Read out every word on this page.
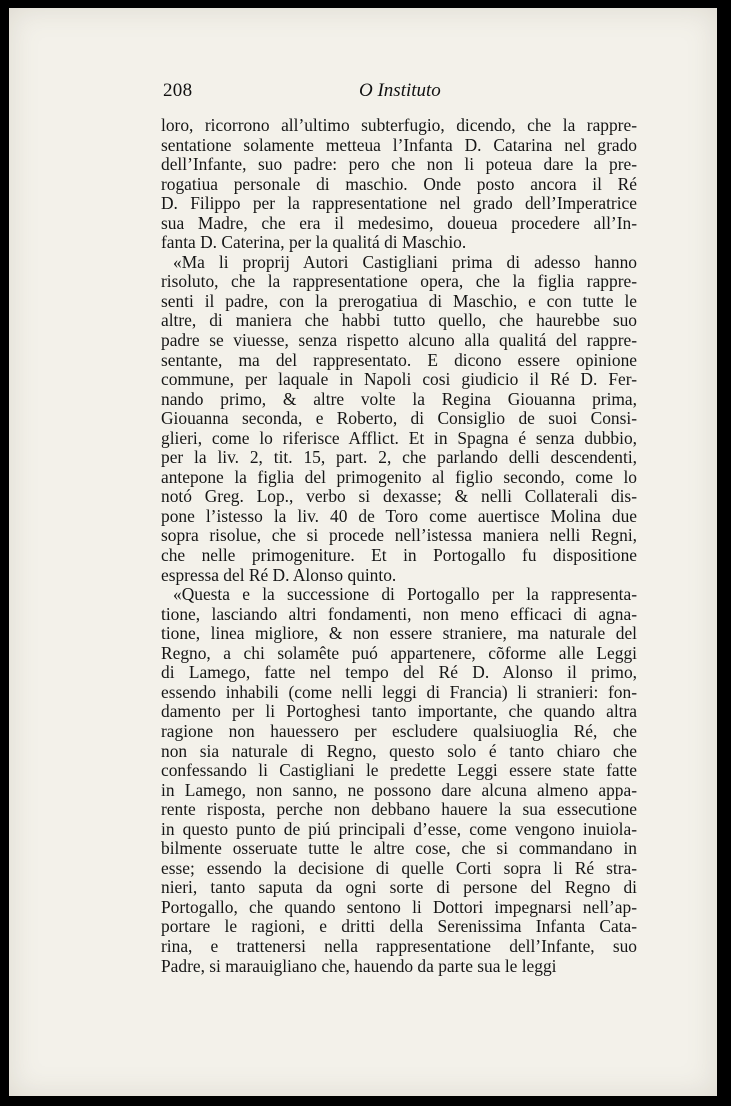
208	O Instituto
loro, ricorrono all’ultimo subterfugio, dicendo, che la rappre-
sentatione solamente metteua l’Infanta D. Catarina nel grado
dell’Infante, suo padre: pero che non li poteua dare la pre-
rogatiua personale di maschio. Onde posto ancora il Ré
D. Filippo per la rappresentatione nel grado dell’Imperatrice
sua Madre, che era il medesimo, doueua procedere all’In-
fanta D. Caterina, per la qualitá di Maschio.
«Ma li proprij Autori Castigliani prima di adesso hanno
risoluto, che la rappresentatione opera, che la figlia rappre-
senti il padre, con la prerogatiua di Maschio, e con tutte le
altre, di maniera che habbi tutto quello, che haurebbe suo
padre se viuesse, senza rispetto alcuno alla qualitá del rappre-
sentante, ma del rappresentato. E dicono essere opinione
commune, per laquale in Napoli cosi giudicio il Ré D. Fer-
nando primo, & altre volte la Regina Giouanna prima,
Giouanna seconda, e Roberto, di Consiglio de suoi Consi-
glieri, come lo riferisce Afflict. Et in Spagna é senza dubbio,
per la liv. 2, tit. 15, part. 2, che parlando delli descendenti,
antepone la figlia del primogenito al figlio secondo, come lo
notó Greg. Lop., verbo si dexasse; & nelli Collaterali dis-
pone l’istesso la liv. 40 de Toro come auertisce Molina due
sopra risolue, che si procede nell’istessa maniera nelli Regni,
che nelle primogeniture. Et in Portogallo fu dispositione
espressa del Ré D. Alonso quinto.
«Questa e la successione di Portogallo per la rappresenta-
tione, lasciando altri fondamenti, non meno efficaci di agna-
tione, linea migliore, & non essere straniere, ma naturale del
Regno, a chi solamête puó appartenere, cõforme alle Leggi
di Lamego, fatte nel tempo del Ré D. Alonso il primo,
essendo inhabili (come nelli leggi di Francia) li stranieri: fon-
damento per li Portoghesi tanto importante, che quando altra
ragione non hauessero per escludere qualsiuoglia Ré, che
non sia naturale di Regno, questo solo é tanto chiaro che
confessando li Castigliani le predette Leggi essere state fatte
in Lamego, non sanno, ne possono dare alcuna almeno appa-
rente risposta, perche non debbano hauere la sua essecutione
in questo punto de piú principali d’esse, come vengono inuiola-
bilmente osseruate tutte le altre cose, che si commandano in
esse; essendo la decisione di quelle Corti sopra li Ré stra-
nieri, tanto saputa da ogni sorte di persone del Regno di
Portogallo, che quando sentono li Dottori impegnarsi nell’ap-
portare le ragioni, e dritti della Serenissima Infanta Cata-
rina, e trattenersi nella rappresentatione dell’Infante, suo
Padre, si marauigliano che, hauendo da parte sua le leggi
